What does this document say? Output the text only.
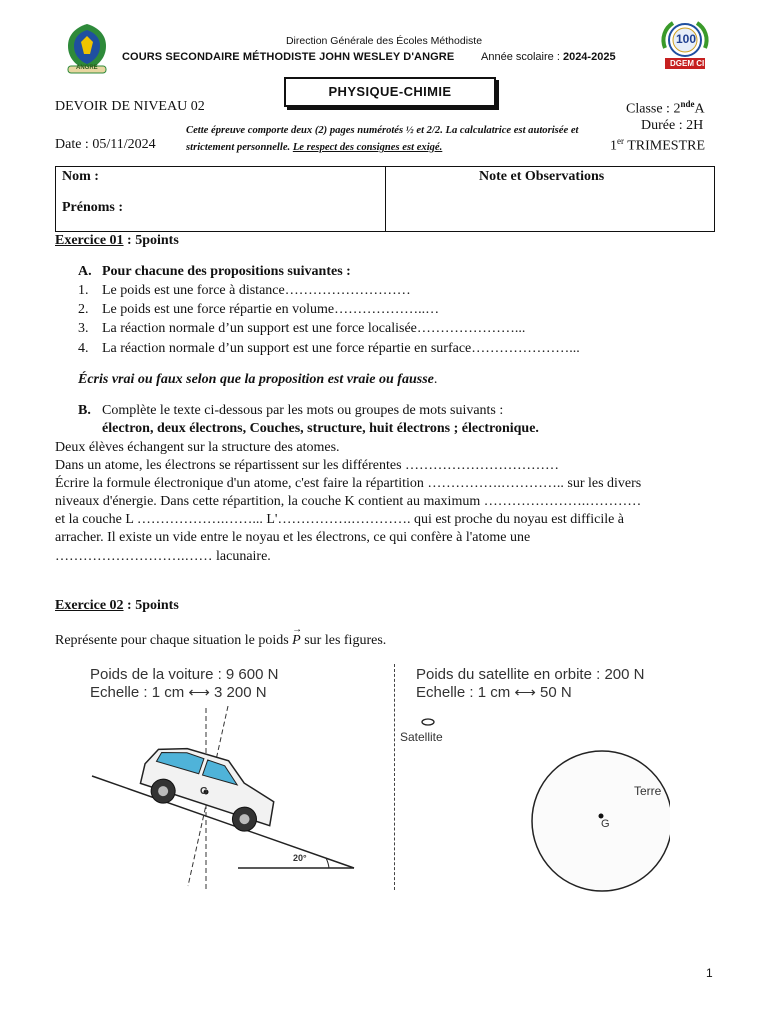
ANGRE
100
DGEM CI
Direction Générale des Écoles Méthodiste
COURS SECONDAIRE MÉTHODISTE JOHN WESLEY D'ANGRE Année scolaire : 2024-2025
PHYSIQUE-CHIMIE
DEVOIR DE NIVEAU 02	Classe : 2ndeA
Durée : 2H
Date : 05/11/2024	1er TRIMESTRE
Cette épreuve comporte deux (2) pages numérotés ½ et 2/2. La calculatrice est autorisée et strictement personnelle. Le respect des consignes est exigé.
Nom :
Prénoms :
Note et Observations
Exercice 01 : 5points
A. Pour chacune des propositions suivantes :
1. Le poids est une force à distance………………………
2. Le poids est une force répartie en volume………………..…
3. La réaction normale d’un support est une force localisée…………………...
4. La réaction normale d’un support est une force répartie en surface…………………...
Écris vrai ou faux selon que la proposition est vraie ou fausse.
B. Complète le texte ci-dessous par les mots ou groupes de mots suivants :
électron, deux électrons, Couches, structure, huit électrons ; électronique.
Deux élèves échangent sur la structure des atomes.
Dans un atome, les électrons se répartissent sur les différentes ……………………………
Écrire la formule électronique d'un atome, c'est faire la répartition …………….………….. sur les divers
niveaux d'énergie. Dans cette répartition, la couche K contient au maximum ………………….…………
et la couche L ……………….……... L'…………….…………. qui est proche du noyau est difficile à
arracher. Il existe un vide entre le noyau et les électrons, ce qui confère à l'atome une
……………………….…… lacunaire.
Exercice 02 : 5points
Représente pour chaque situation le poids
→
P sur les figures.
Poids de la voiture : 9 600 N
Echelle : 1 cm ⟷ 3 200 N
G
20°
Poids du satellite en orbite : 200 N
Echelle : 1 cm ⟷ 50 N
Satellite
Terre
G
1
